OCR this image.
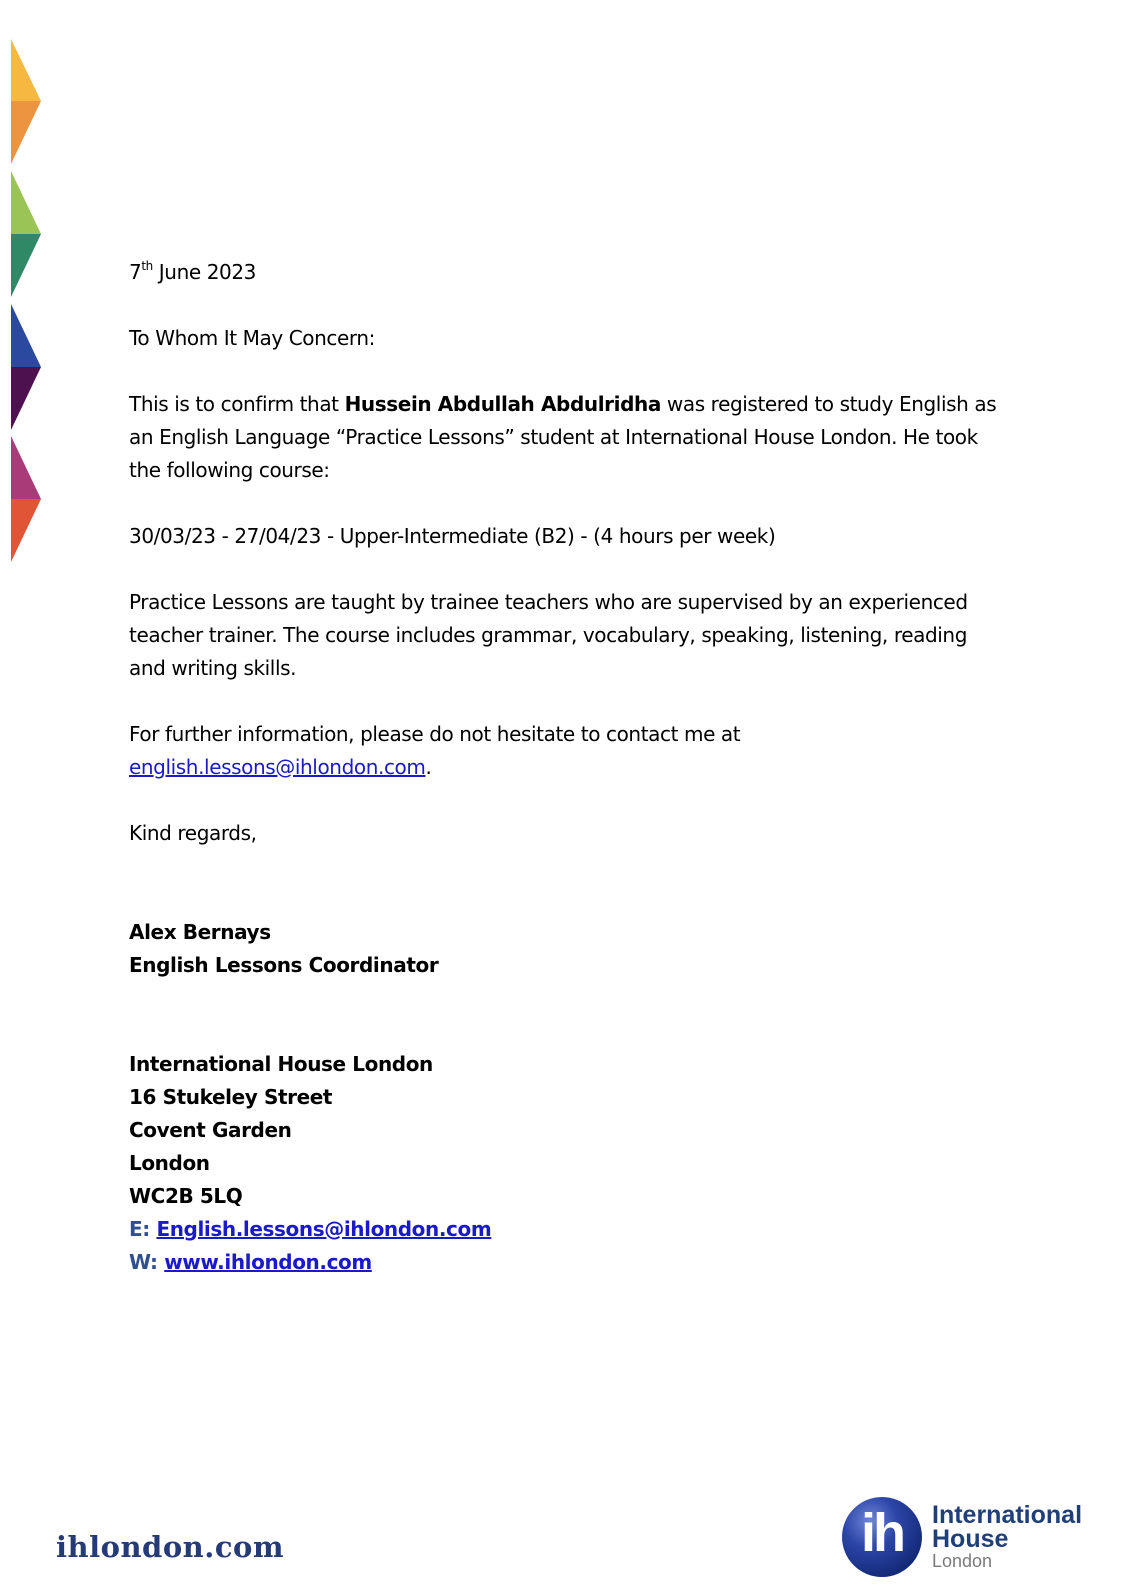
7th June 2023

To Whom It May Concern:

This is to confirm that Hussein Abdullah Abdulridha was registered to study English as an English Language “Practice Lessons” student at International House London. He took the following course:

30/03/23 - 27/04/23 - Upper-Intermediate (B2) - (4 hours per week)

Practice Lessons are taught by trainee teachers who are supervised by an experienced teacher trainer. The course includes grammar, vocabulary, speaking, listening, reading and writing skills.

For further information, please do not hesitate to contact me at
english.lessons@ihlondon.com.

Kind regards,

Alex Bernays

English Lessons Coordinator

International House London

16 Stukeley Street

Covent Garden

London

WC2B 5LQ

E: English.lessons@ihlondon.com

W: www.ihlondon.com

ihlondon.com	ih	International
House
London
